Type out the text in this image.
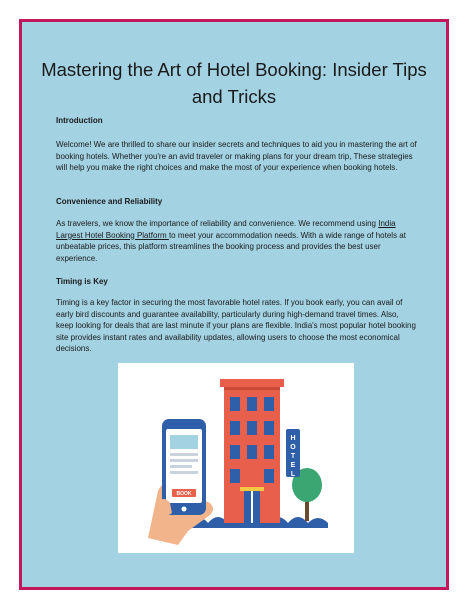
Mastering the Art of Hotel Booking: Insider Tips and Tricks
Introduction

Welcome! We are thrilled to share our insider secrets and techniques to aid you in mastering the art of booking hotels. Whether you're an avid traveler or making plans for your dream trip, These strategies will help you make the right choices and make the most of your experience when booking hotels.

Convenience and Reliability

As travelers, we know the importance of reliability and convenience. We recommend using India Largest Hotel Booking Platform to meet your accommodation needs. With a wide range of hotels at unbeatable prices, this platform streamlines the booking process and provides the best user experience.

Timing is Key

Timing is a key factor in securing the most favorable hotel rates. If you book early, you can avail of early bird discounts and guarantee availability, particularly during high-demand travel times. Also, keep looking for deals that are last minute if your plans are flexible. India's most popular hotel booking site provides instant rates and availability updates, allowing users to choose the most economical decisions.

H
O
T
E
L
BOOK
